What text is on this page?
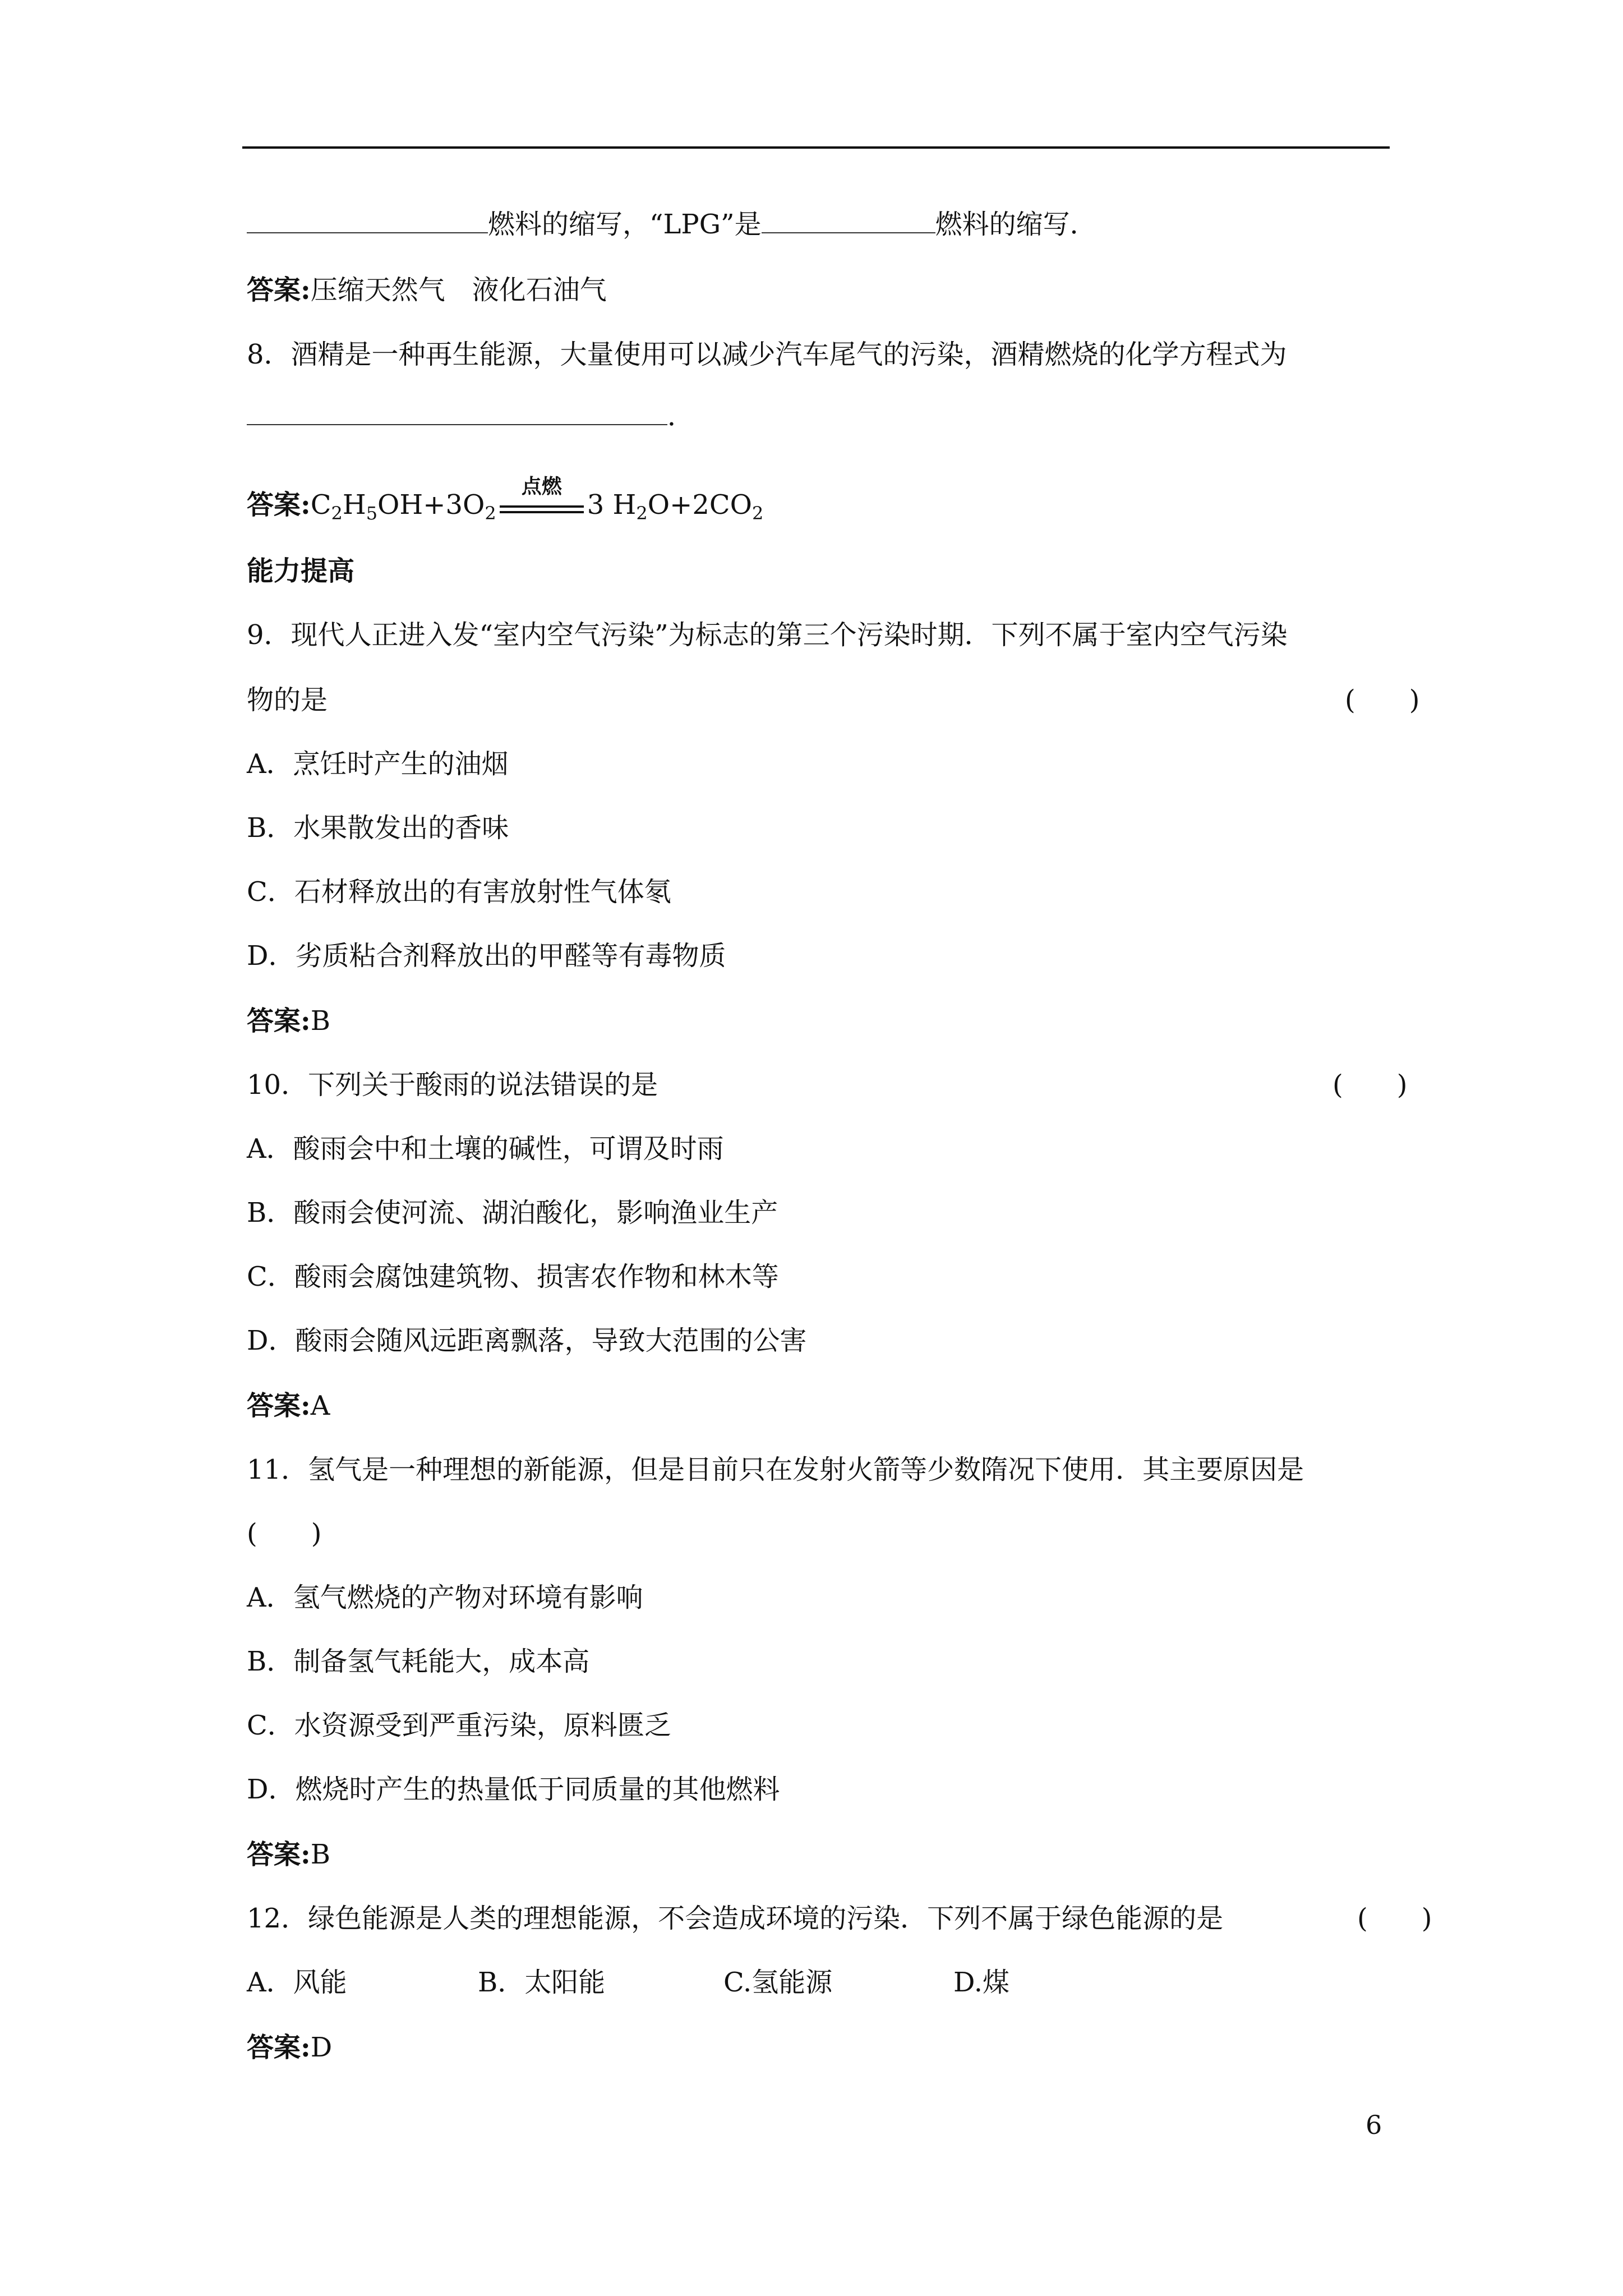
燃料的缩写，“LPG”是	燃料的缩写．
答案:压缩天然气　液化石油气
8．酒精是一种再生能源，大量使用可以减少汽车尾气的污染，酒精燃烧的化学方程式为
．
答案$:C_2H_5OH+3O_2$
点燃
3 $H_2O+2CO_2$
能力提高
9．现代人正进入发“室内空气污染”为标志的第三个污染时期．下列不属于室内空气污染
物的是	(　　)
A．烹饪时产生的油烟
B．水果散发出的香味
C．石材释放出的有害放射性气体氡
D．劣质粘合剂释放出的甲醛等有毒物质
答案:B
10．下列关于酸雨的说法错误的是	(　　)
A．酸雨会中和土壤的碱性，可谓及时雨
B．酸雨会使河流、湖泊酸化，影响渔业生产
C．酸雨会腐蚀建筑物、损害农作物和林木等
D．酸雨会随风远距离飘落，导致大范围的公害
答案:A
11．氢气是一种理想的新能源，但是目前只在发射火箭等少数隋况下使用．其主要原因是
(　　)
A．氢气燃烧的产物对环境有影响
B．制备氢气耗能大，成本高
C．水资源受到严重污染，原料匮乏
D．燃烧时产生的热量低于同质量的其他燃料
答案:B
12．绿色能源是人类的理想能源，不会造成环境的污染．下列不属于绿色能源的是	(　　)
A．风能	B．太阳能	C.氢能源	D.煤
答案:D
6
